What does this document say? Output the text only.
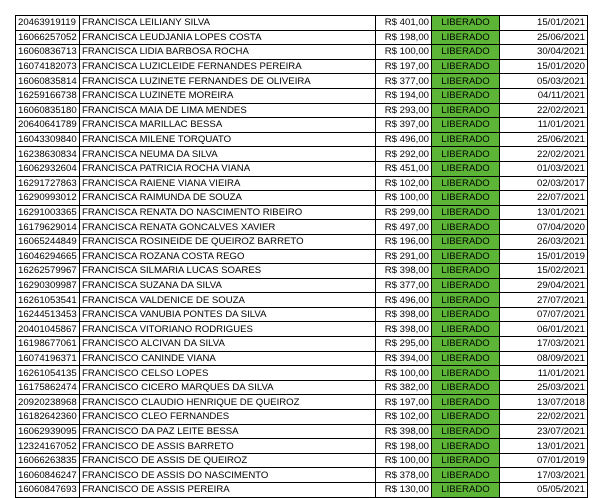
20463919119	FRANCISCA LEILIANY SILVA	R$ 401,00	LIBERADO	15/01/2021
16066257052	FRANCISCA LEUDJANIA LOPES COSTA	R$ 198,00	LIBERADO	25/06/2021
16060836713	FRANCISCA LIDIA BARBOSA ROCHA	R$ 100,00	LIBERADO	30/04/2021
16074182073	FRANCISCA LUZICLEIDE FERNANDES PEREIRA	R$ 197,00	LIBERADO	15/01/2020
16060835814	FRANCISCA LUZINETE FERNANDES DE OLIVEIRA	R$ 377,00	LIBERADO	05/03/2021
16259166738	FRANCISCA LUZINETE MOREIRA	R$ 194,00	LIBERADO	04/11/2021
16060835180	FRANCISCA MAIA DE LIMA MENDES	R$ 293,00	LIBERADO	22/02/2021
20640641789	FRANCISCA MARILLAC BESSA	R$ 397,00	LIBERADO	11/01/2021
16043309840	FRANCISCA MILENE TORQUATO	R$ 496,00	LIBERADO	25/06/2021
16238630834	FRANCISCA NEUMA DA SILVA	R$ 292,00	LIBERADO	22/02/2021
16062932604	FRANCISCA PATRICIA ROCHA VIANA	R$ 451,00	LIBERADO	01/03/2021
16291727863	FRANCISCA RAIENE VIANA VIEIRA	R$ 102,00	LIBERADO	02/03/2017
16290993012	FRANCISCA RAIMUNDA DE SOUZA	R$ 100,00	LIBERADO	22/07/2021
16291003365	FRANCISCA RENATA DO NASCIMENTO RIBEIRO	R$ 299,00	LIBERADO	13/01/2021
16179629014	FRANCISCA RENATA GONCALVES XAVIER	R$ 497,00	LIBERADO	07/04/2020
16065244849	FRANCISCA ROSINEIDE DE QUEIROZ BARRETO	R$ 196,00	LIBERADO	26/03/2021
16046294665	FRANCISCA ROZANA COSTA REGO	R$ 291,00	LIBERADO	15/01/2019
16262579967	FRANCISCA SILMARIA LUCAS SOARES	R$ 398,00	LIBERADO	15/02/2021
16290309987	FRANCISCA SUZANA DA SILVA	R$ 377,00	LIBERADO	29/04/2021
16261053541	FRANCISCA VALDENICE DE SOUZA	R$ 496,00	LIBERADO	27/07/2021
16244513453	FRANCISCA VANUBIA PONTES DA SILVA	R$ 398,00	LIBERADO	07/07/2021
20401045867	FRANCISCA VITORIANO RODRIGUES	R$ 398,00	LIBERADO	06/01/2021
16198677061	FRANCISCO ALCIVAN DA SILVA	R$ 295,00	LIBERADO	17/03/2021
16074196371	FRANCISCO CANINDE VIANA	R$ 394,00	LIBERADO	08/09/2021
16261054135	FRANCISCO CELSO LOPES	R$ 100,00	LIBERADO	11/01/2021
16175862474	FRANCISCO CICERO MARQUES DA SILVA	R$ 382,00	LIBERADO	25/03/2021
20920238968	FRANCISCO CLAUDIO HENRIQUE DE QUEIROZ	R$ 197,00	LIBERADO	13/07/2018
16182642360	FRANCISCO CLEO FERNANDES	R$ 102,00	LIBERADO	22/02/2021
16062939095	FRANCISCO DA PAZ LEITE BESSA	R$ 398,00	LIBERADO	23/07/2021
12324167052	FRANCISCO DE ASSIS BARRETO	R$ 198,00	LIBERADO	13/01/2021
16066263835	FRANCISCO DE ASSIS DE QUEIROZ	R$ 100,00	LIBERADO	07/01/2019
16060846247	FRANCISCO DE ASSIS DO NASCIMENTO	R$ 378,00	LIBERADO	17/03/2021
16060847693	FRANCISCO DE ASSIS PEREIRA	R$ 130,00	LIBERADO	05/05/2021
